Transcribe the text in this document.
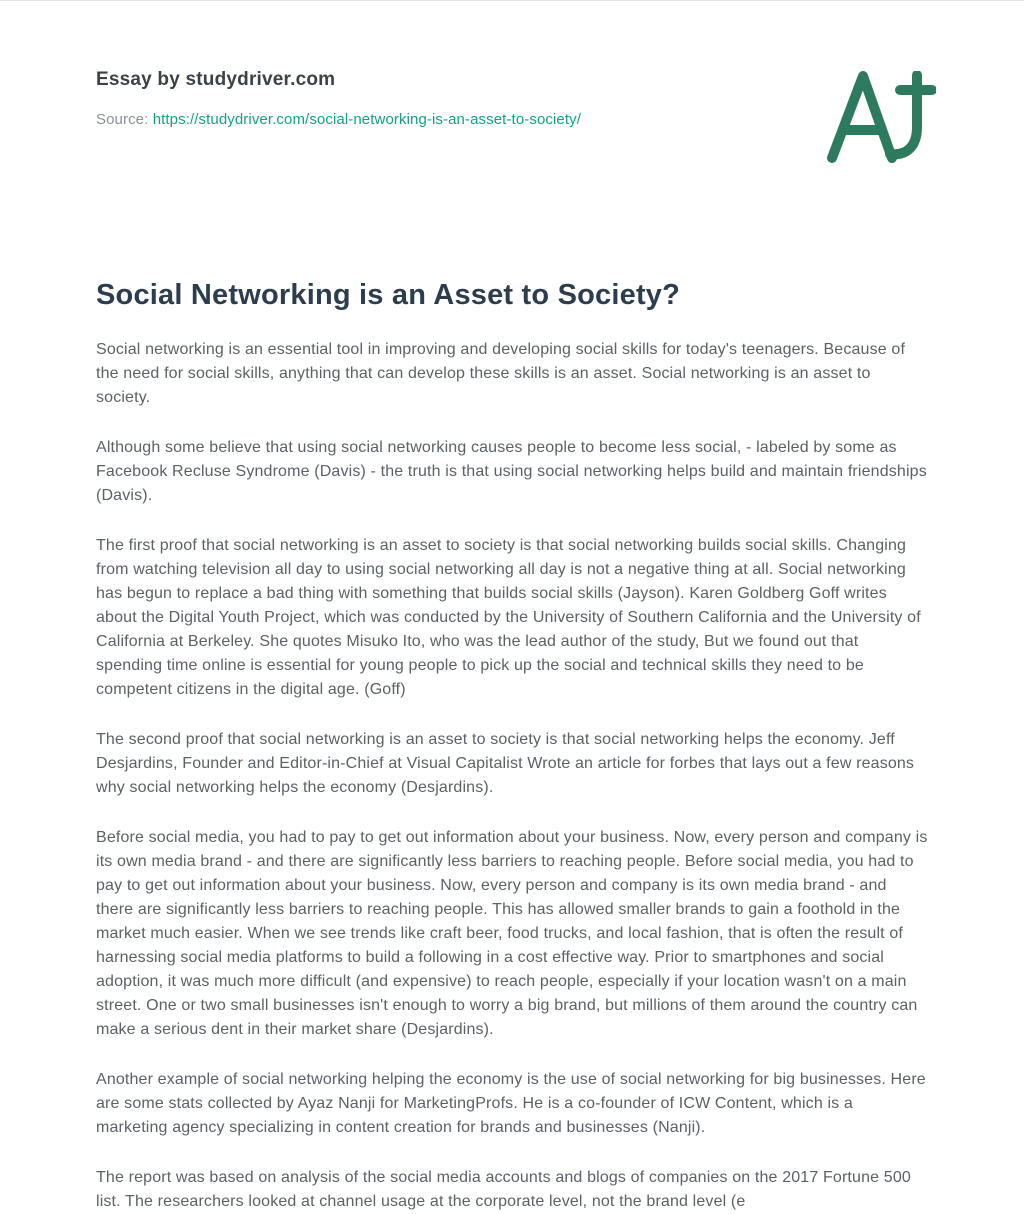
Essay by studydriver.com
Source: https://studydriver.com/social-networking-is-an-asset-to-society/
Social Networking is an Asset to Society?

Social networking is an essential tool in improving and developing social skills for today's teenagers. Because of the need for social skills, anything that can develop these skills is an asset. Social networking is an asset to society.

Although some believe that using social networking causes people to become less social, - labeled by some as Facebook Recluse Syndrome (Davis) - the truth is that using social networking helps build and maintain friendships (Davis).

The first proof that social networking is an asset to society is that social networking builds social skills. Changing from watching television all day to using social networking all day is not a negative thing at all. Social networking has begun to replace a bad thing with something that builds social skills (Jayson). Karen Goldberg Goff writes about the Digital Youth Project, which was conducted by the University of Southern California and the University of California at Berkeley. She quotes Misuko Ito, who was the lead author of the study, But we found out that spending time online is essential for young people to pick up the social and technical skills they need to be competent citizens in the digital age. (Goff)

The second proof that social networking is an asset to society is that social networking helps the economy. Jeff Desjardins, Founder and Editor-in-Chief at Visual Capitalist Wrote an article for forbes that lays out a few reasons why social networking helps the economy (Desjardins).

Before social media, you had to pay to get out information about your business. Now, every person and company is its own media brand - and there are significantly less barriers to reaching people. Before social media, you had to pay to get out information about your business. Now, every person and company is its own media brand - and there are significantly less barriers to reaching people. This has allowed smaller brands to gain a foothold in the market much easier. When we see trends like craft beer, food trucks, and local fashion, that is often the result of harnessing social media platforms to build a following in a cost effective way. Prior to smartphones and social adoption, it was much more difficult (and expensive) to reach people, especially if your location wasn't on a main street. One or two small businesses isn't enough to worry a big brand, but millions of them around the country can make a serious dent in their market share (Desjardins).

Another example of social networking helping the economy is the use of social networking for big businesses. Here are some stats collected by Ayaz Nanji for MarketingProfs. He is a co-founder of ICW Content, which is a marketing agency specializing in content creation for brands and businesses (Nanji).

The report was based on analysis of the social media accounts and blogs of companies on the 2017 Fortune 500 list. The researchers looked at channel usage at the corporate level, not the brand level (e
